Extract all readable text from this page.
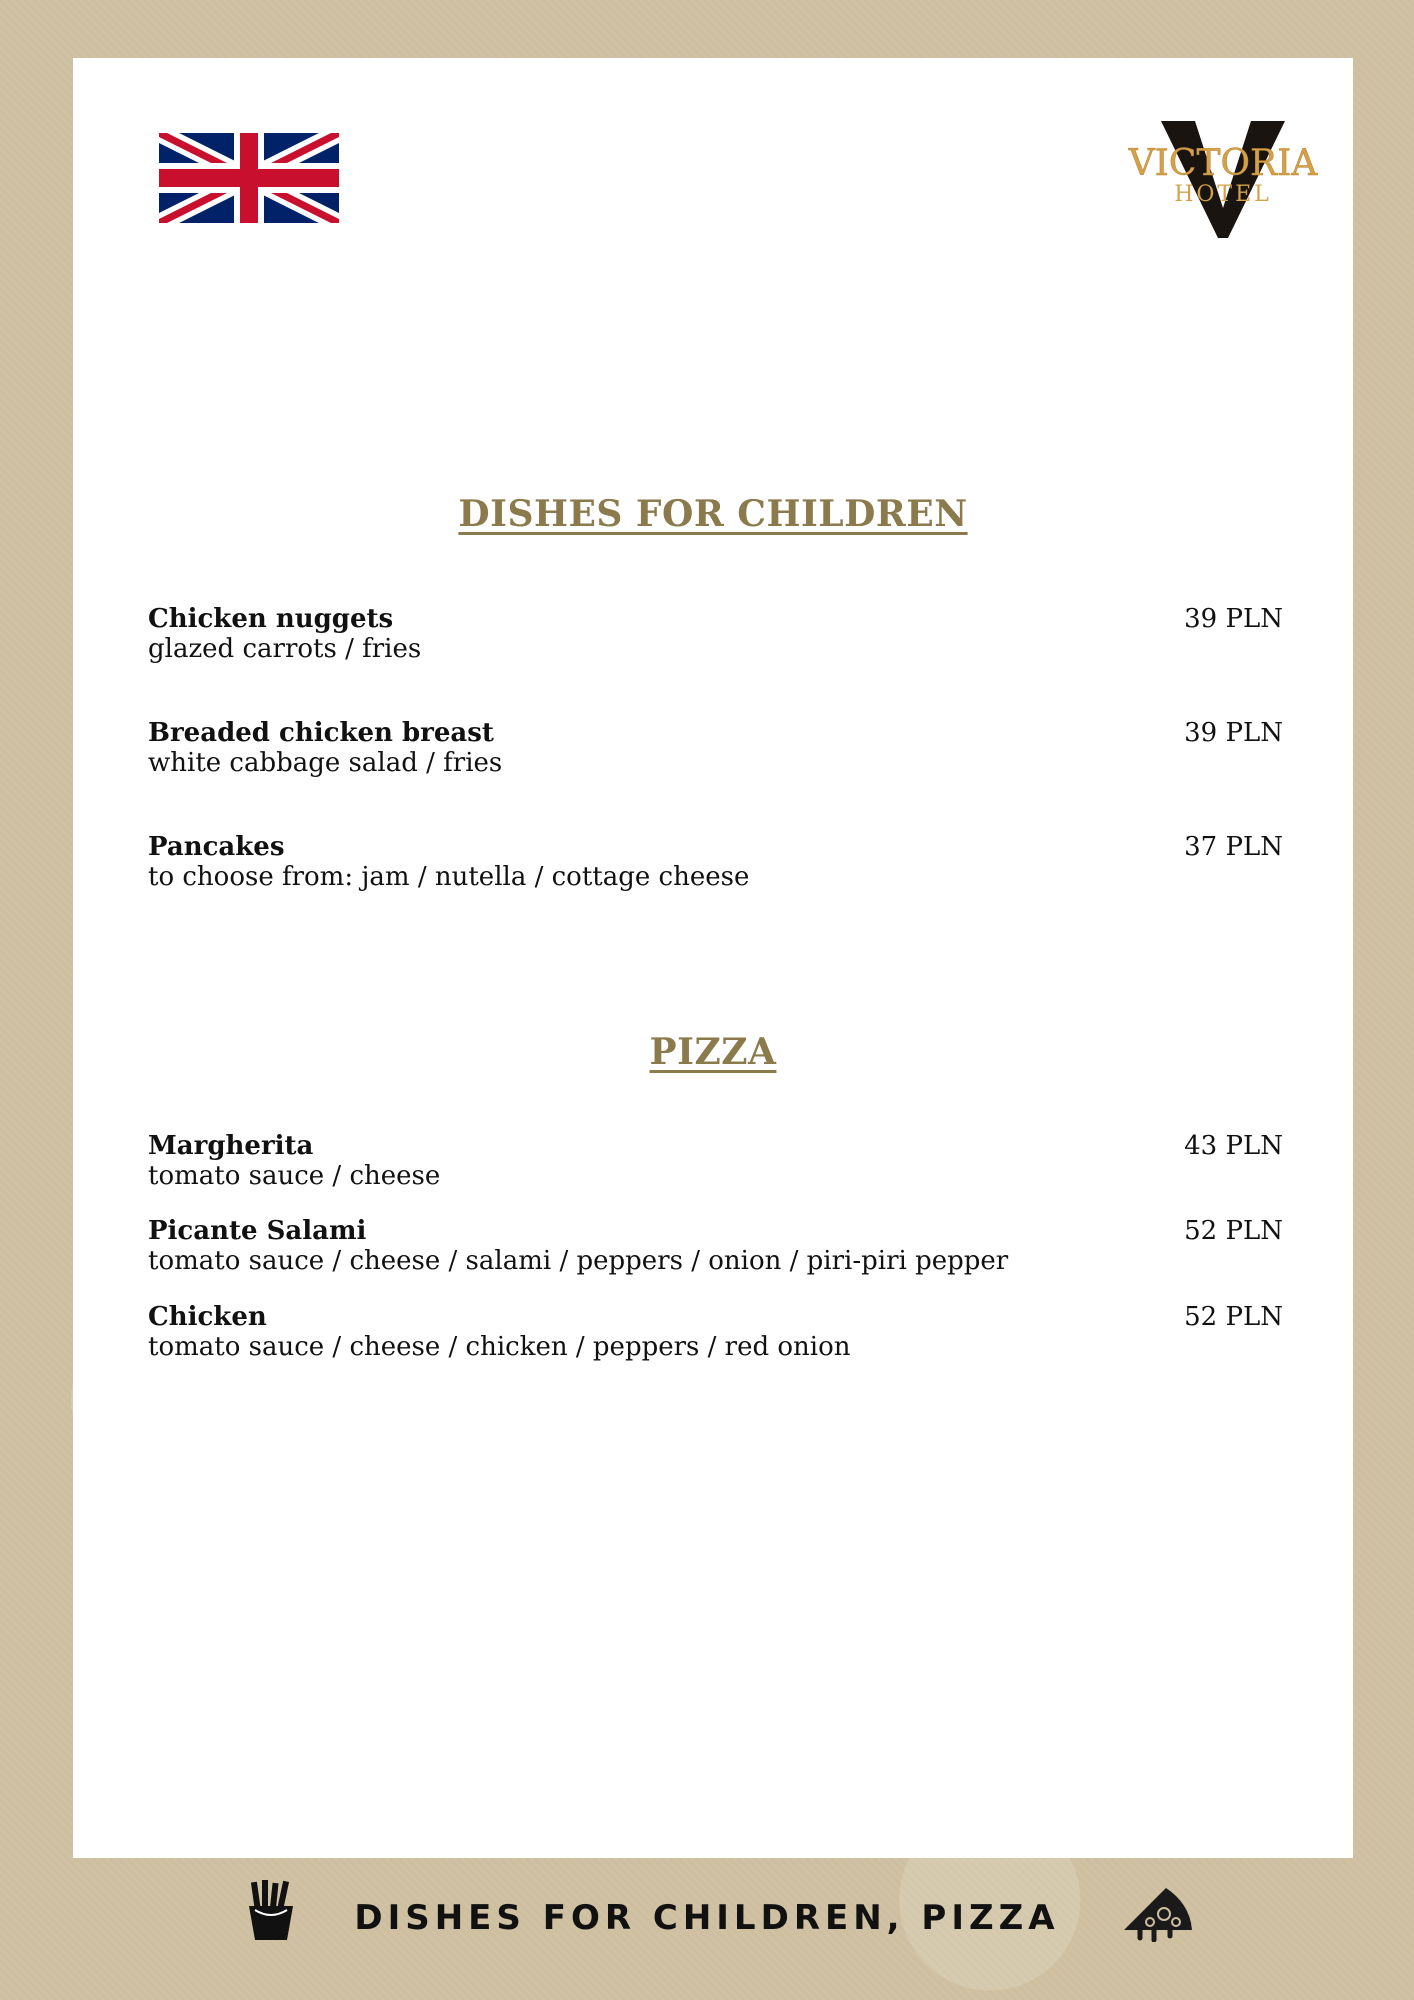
VICTORIA
HOTEL
DISHES FOR CHILDREN
Chicken nuggets
glazed carrots / fries
39 PLN
Breaded chicken breast
white cabbage salad / fries
39 PLN
Pancakes
to choose from: jam / nutella / cottage cheese
37 PLN
PIZZA
Margherita
tomato sauce / cheese
43 PLN
Picante Salami
tomato sauce / cheese / salami / peppers / onion / piri-piri pepper
52 PLN
Chicken
tomato sauce / cheese / chicken / peppers / red onion
52 PLN
DISHES FOR CHILDREN, PIZZA
